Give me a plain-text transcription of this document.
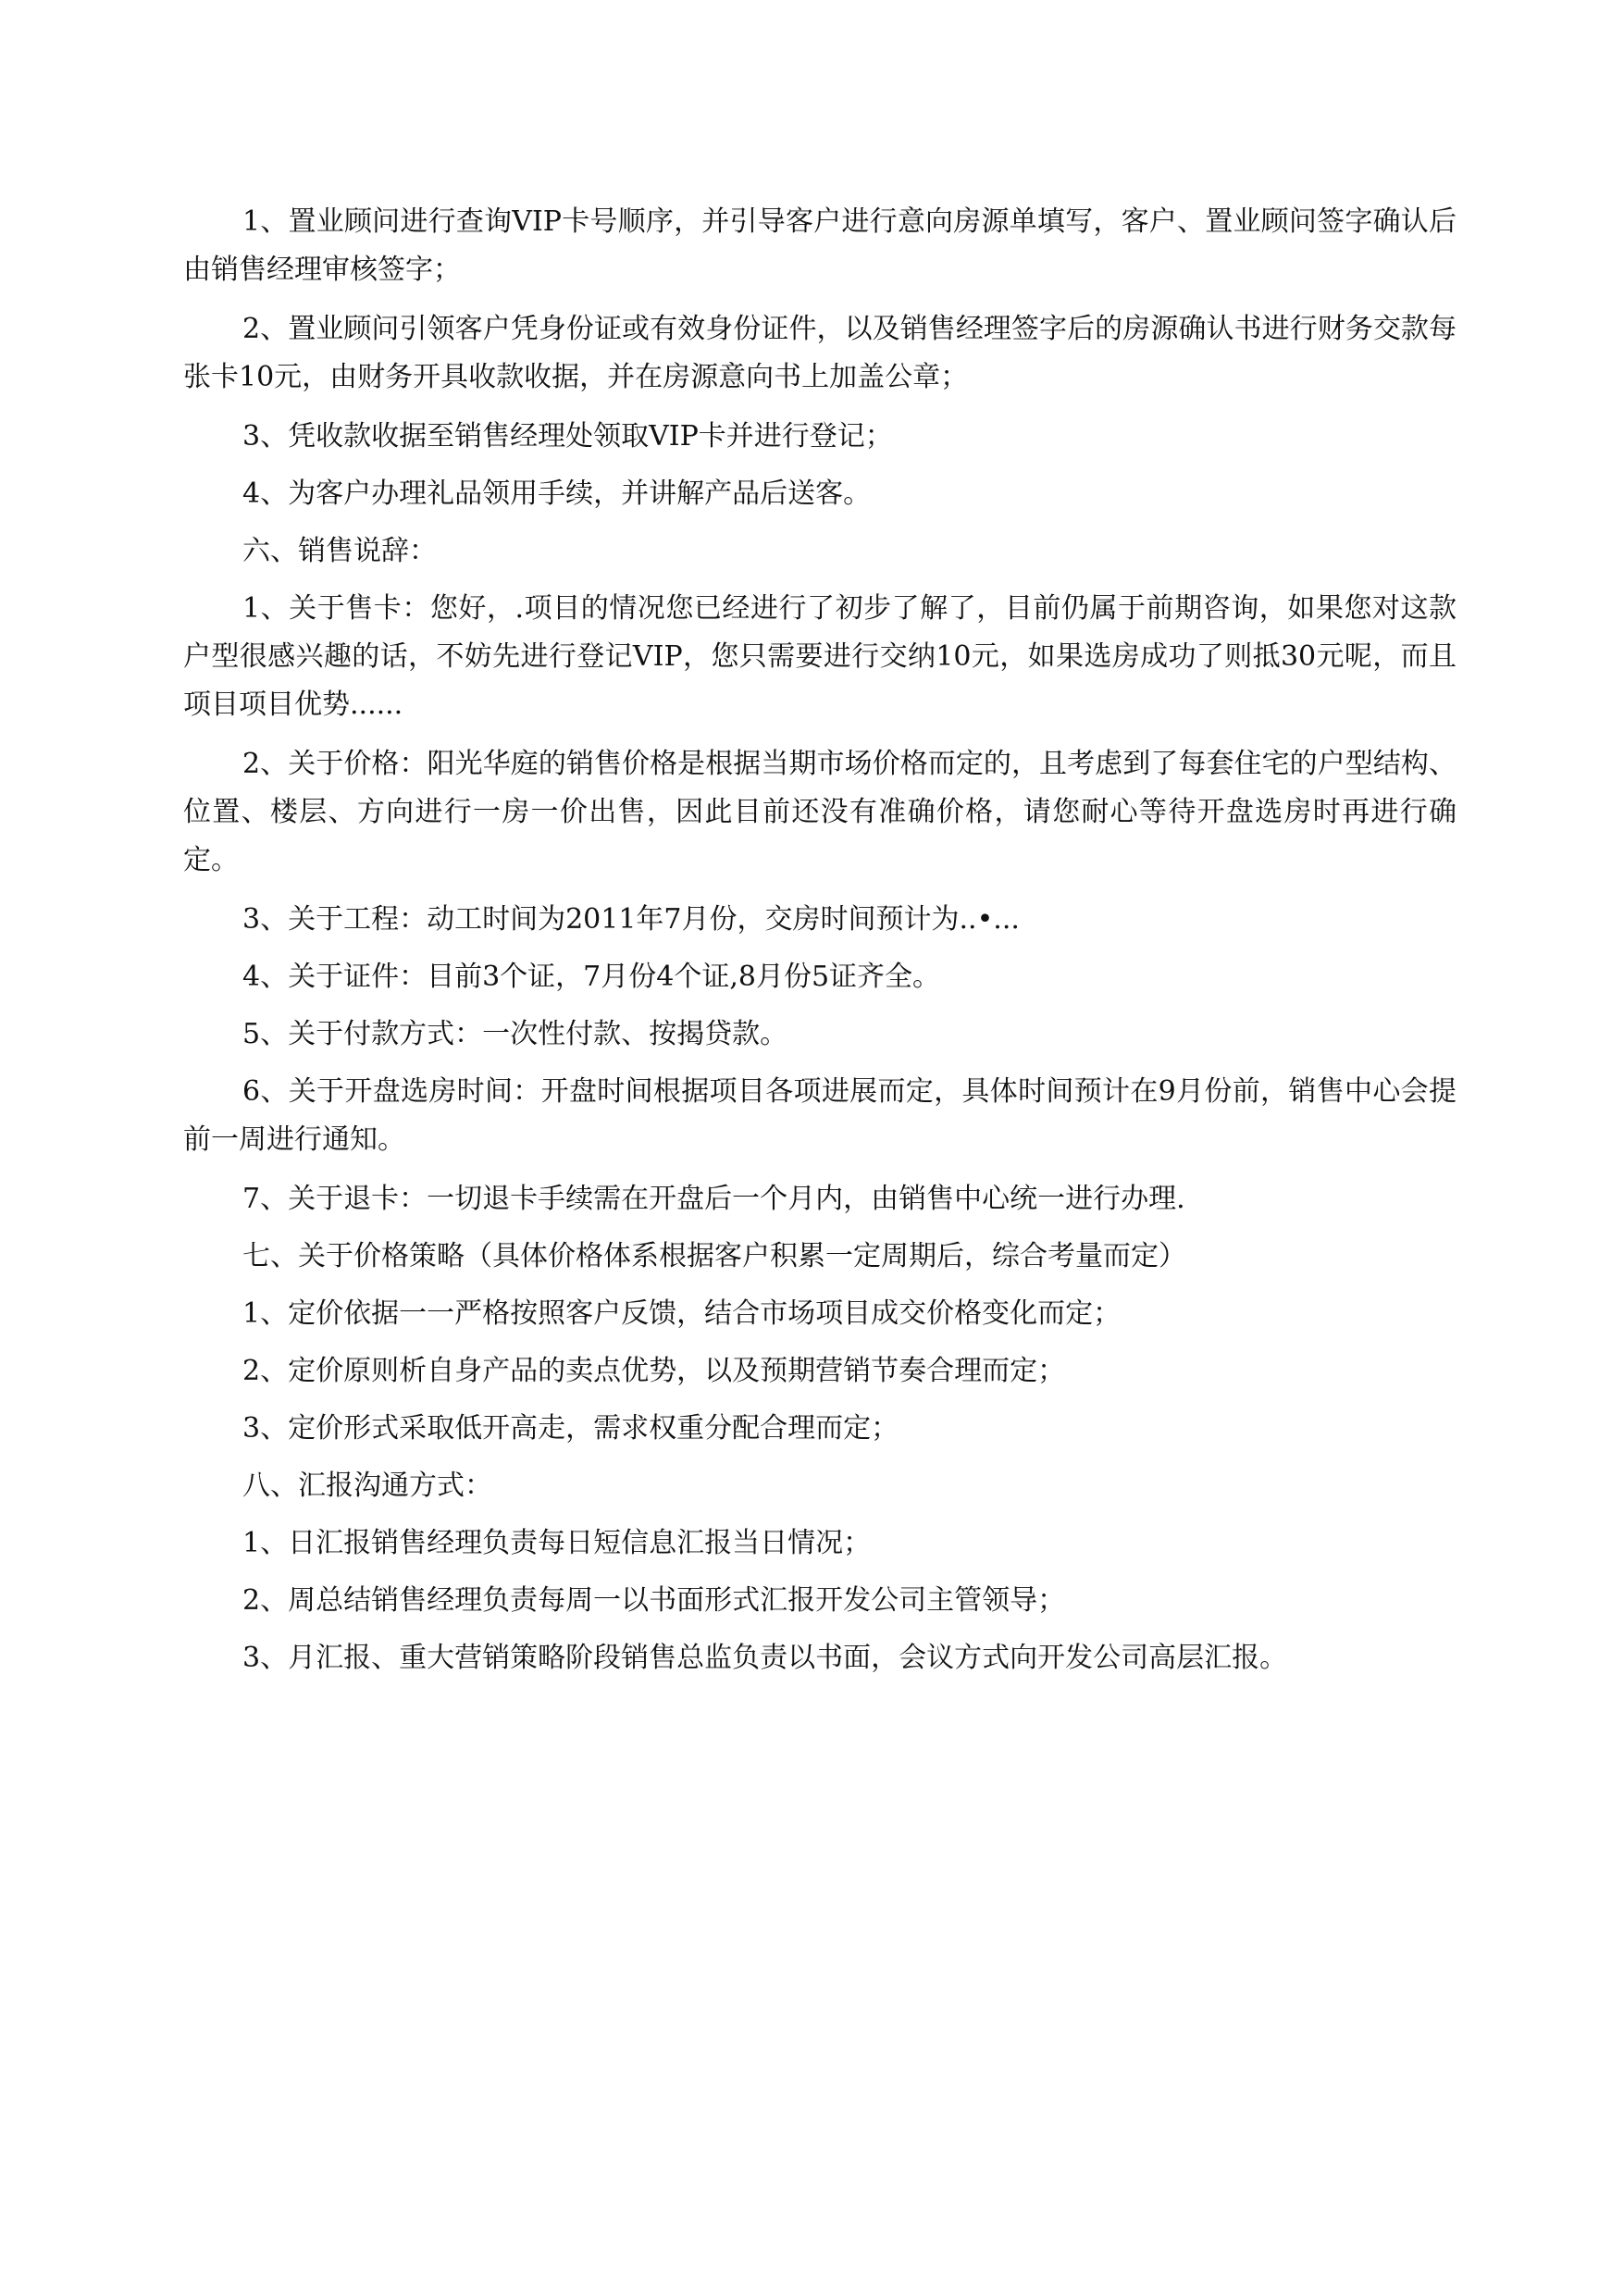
1、置业顾问进行查询VIP卡号顺序，并引导客户进行意向房源单填写，客户、置业顾问签字确认后由销售经理审核签字；

2、置业顾问引领客户凭身份证或有效身份证件，以及销售经理签字后的房源确认书进行财务交款每张卡10元，由财务开具收款收据，并在房源意向书上加盖公章；

3、凭收款收据至销售经理处领取VIP卡并进行登记；

4、为客户办理礼品领用手续，并讲解产品后送客。

六、销售说辞：

1、关于售卡：您好，.项目的情况您已经进行了初步了解了，目前仍属于前期咨询，如果您对这款户型很感兴趣的话，不妨先进行登记VIP，您只需要进行交纳10元，如果选房成功了则抵30元呢，而且项目项目优势......

2、关于价格：阳光华庭的销售价格是根据当期市场价格而定的，且考虑到了每套住宅的户型结构、位置、楼层、方向进行一房一价出售，因此目前还没有准确价格，请您耐心等待开盘选房时再进行确定。

3、关于工程：动工时间为2011年7月份，交房时间预计为..•...

4、关于证件：目前3个证，7月份4个证,8月份5证齐全。

5、关于付款方式：一次性付款、按揭贷款。

6、关于开盘选房时间：开盘时间根据项目各项进展而定，具体时间预计在9月份前，销售中心会提前一周进行通知。

7、关于退卡：一切退卡手续需在开盘后一个月内，由销售中心统一进行办理.

七、关于价格策略（具体价格体系根据客户积累一定周期后，综合考量而定）

1、定价依据一一严格按照客户反馈，结合市场项目成交价格变化而定；

2、定价原则析自身产品的卖点优势，以及预期营销节奏合理而定；

3、定价形式采取低开高走，需求权重分配合理而定；

八、汇报沟通方式：

1、日汇报销售经理负责每日短信息汇报当日情况；

2、周总结销售经理负责每周一以书面形式汇报开发公司主管领导；

3、月汇报、重大营销策略阶段销售总监负责以书面，会议方式向开发公司高层汇报。
